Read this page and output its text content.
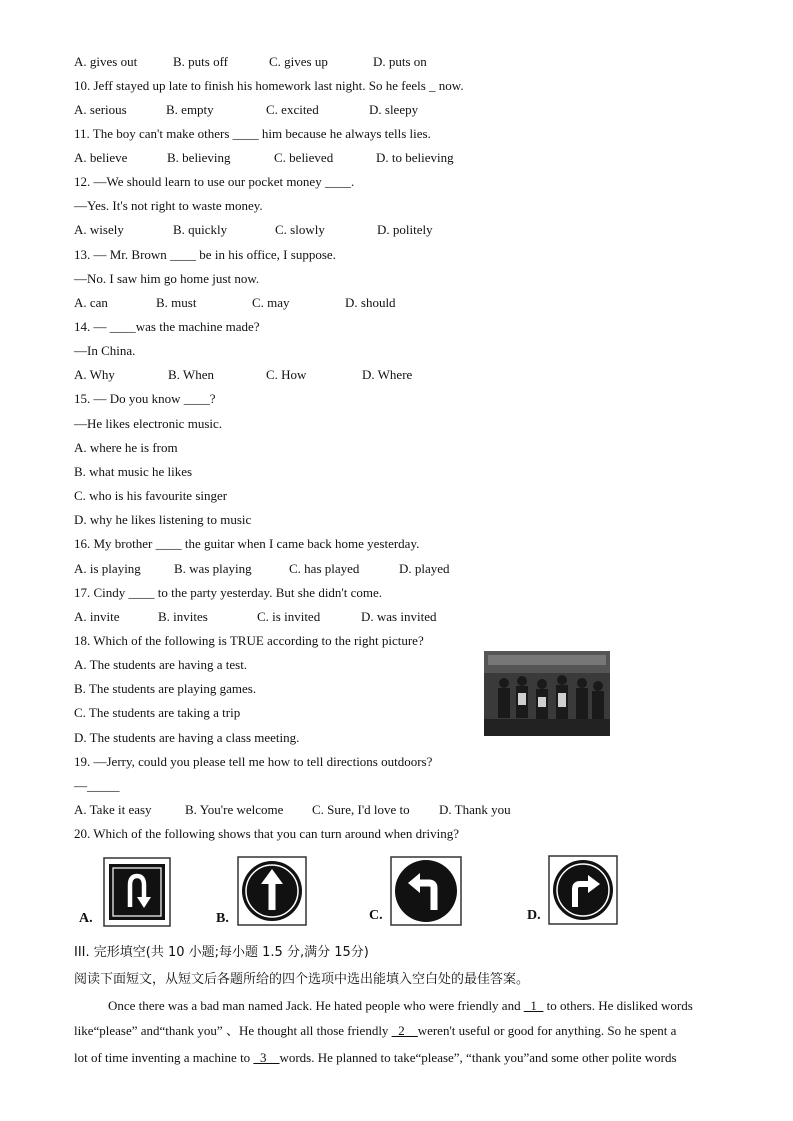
A. gives out	B. puts off	C. gives up	D. puts on
10. Jeff stayed up late to finish his homework last night. So he feels _ now.
A. serious	B. empty	C. excited	D. sleepy
11. The boy can't make others ____ him because he always tells lies.
A. believe	B. believing	C. believed	D. to believing
12. —We should learn to use our pocket money ____.
—Yes. It's not right to waste money.
A. wisely	B. quickly	C. slowly	D. politely
13. — Mr. Brown ____ be in his office, I suppose.
—No. I saw him go home just now.
A. can	B. must	C. may	D. should
14. — ____was the machine made?
—In China.
A. Why	B. When	C. How	D. Where
15. — Do you know ____?
—He likes electronic music.
A. where he is from
B. what music he likes
C. who is his favourite singer
D. why he likes listening to music
16. My brother ____ the guitar when I came back home yesterday.
A. is playing	B. was playing	C. has played	D. played
17. Cindy ____ to the party yesterday. But she didn't come.
A. invite	B. invites	C. is invited	D. was invited
18. Which of the following is TRUE according to the right picture?
A. The students are having a test.
B. The students are playing games.
C. The students are taking a trip
D. The students are having a class meeting.
19. —Jerry, could you please tell me how to tell directions outdoors?
—_____
A. Take it easy	B. You're welcome C. Sure, I'd love to D. Thank you
20. Which of the following shows that you can turn around when driving?
A.	B.	C.	D.
III. 完形填空(共 10 小题;每小题 1.5 分,满分 15分)
阅读下面短文，从短文后各题所给的四个选项中选出能填入空白处的最佳答案。
Once there was a bad man named Jack. He hated people who were friendly and _1_ to others. He disliked words
like“please” and“thank you” 、He thought all those friendly _2__weren't useful or good for anything. So he spent a
lot of time inventing a machine to _3__words. He planned to take“please”, “thank you”and some other polite words
